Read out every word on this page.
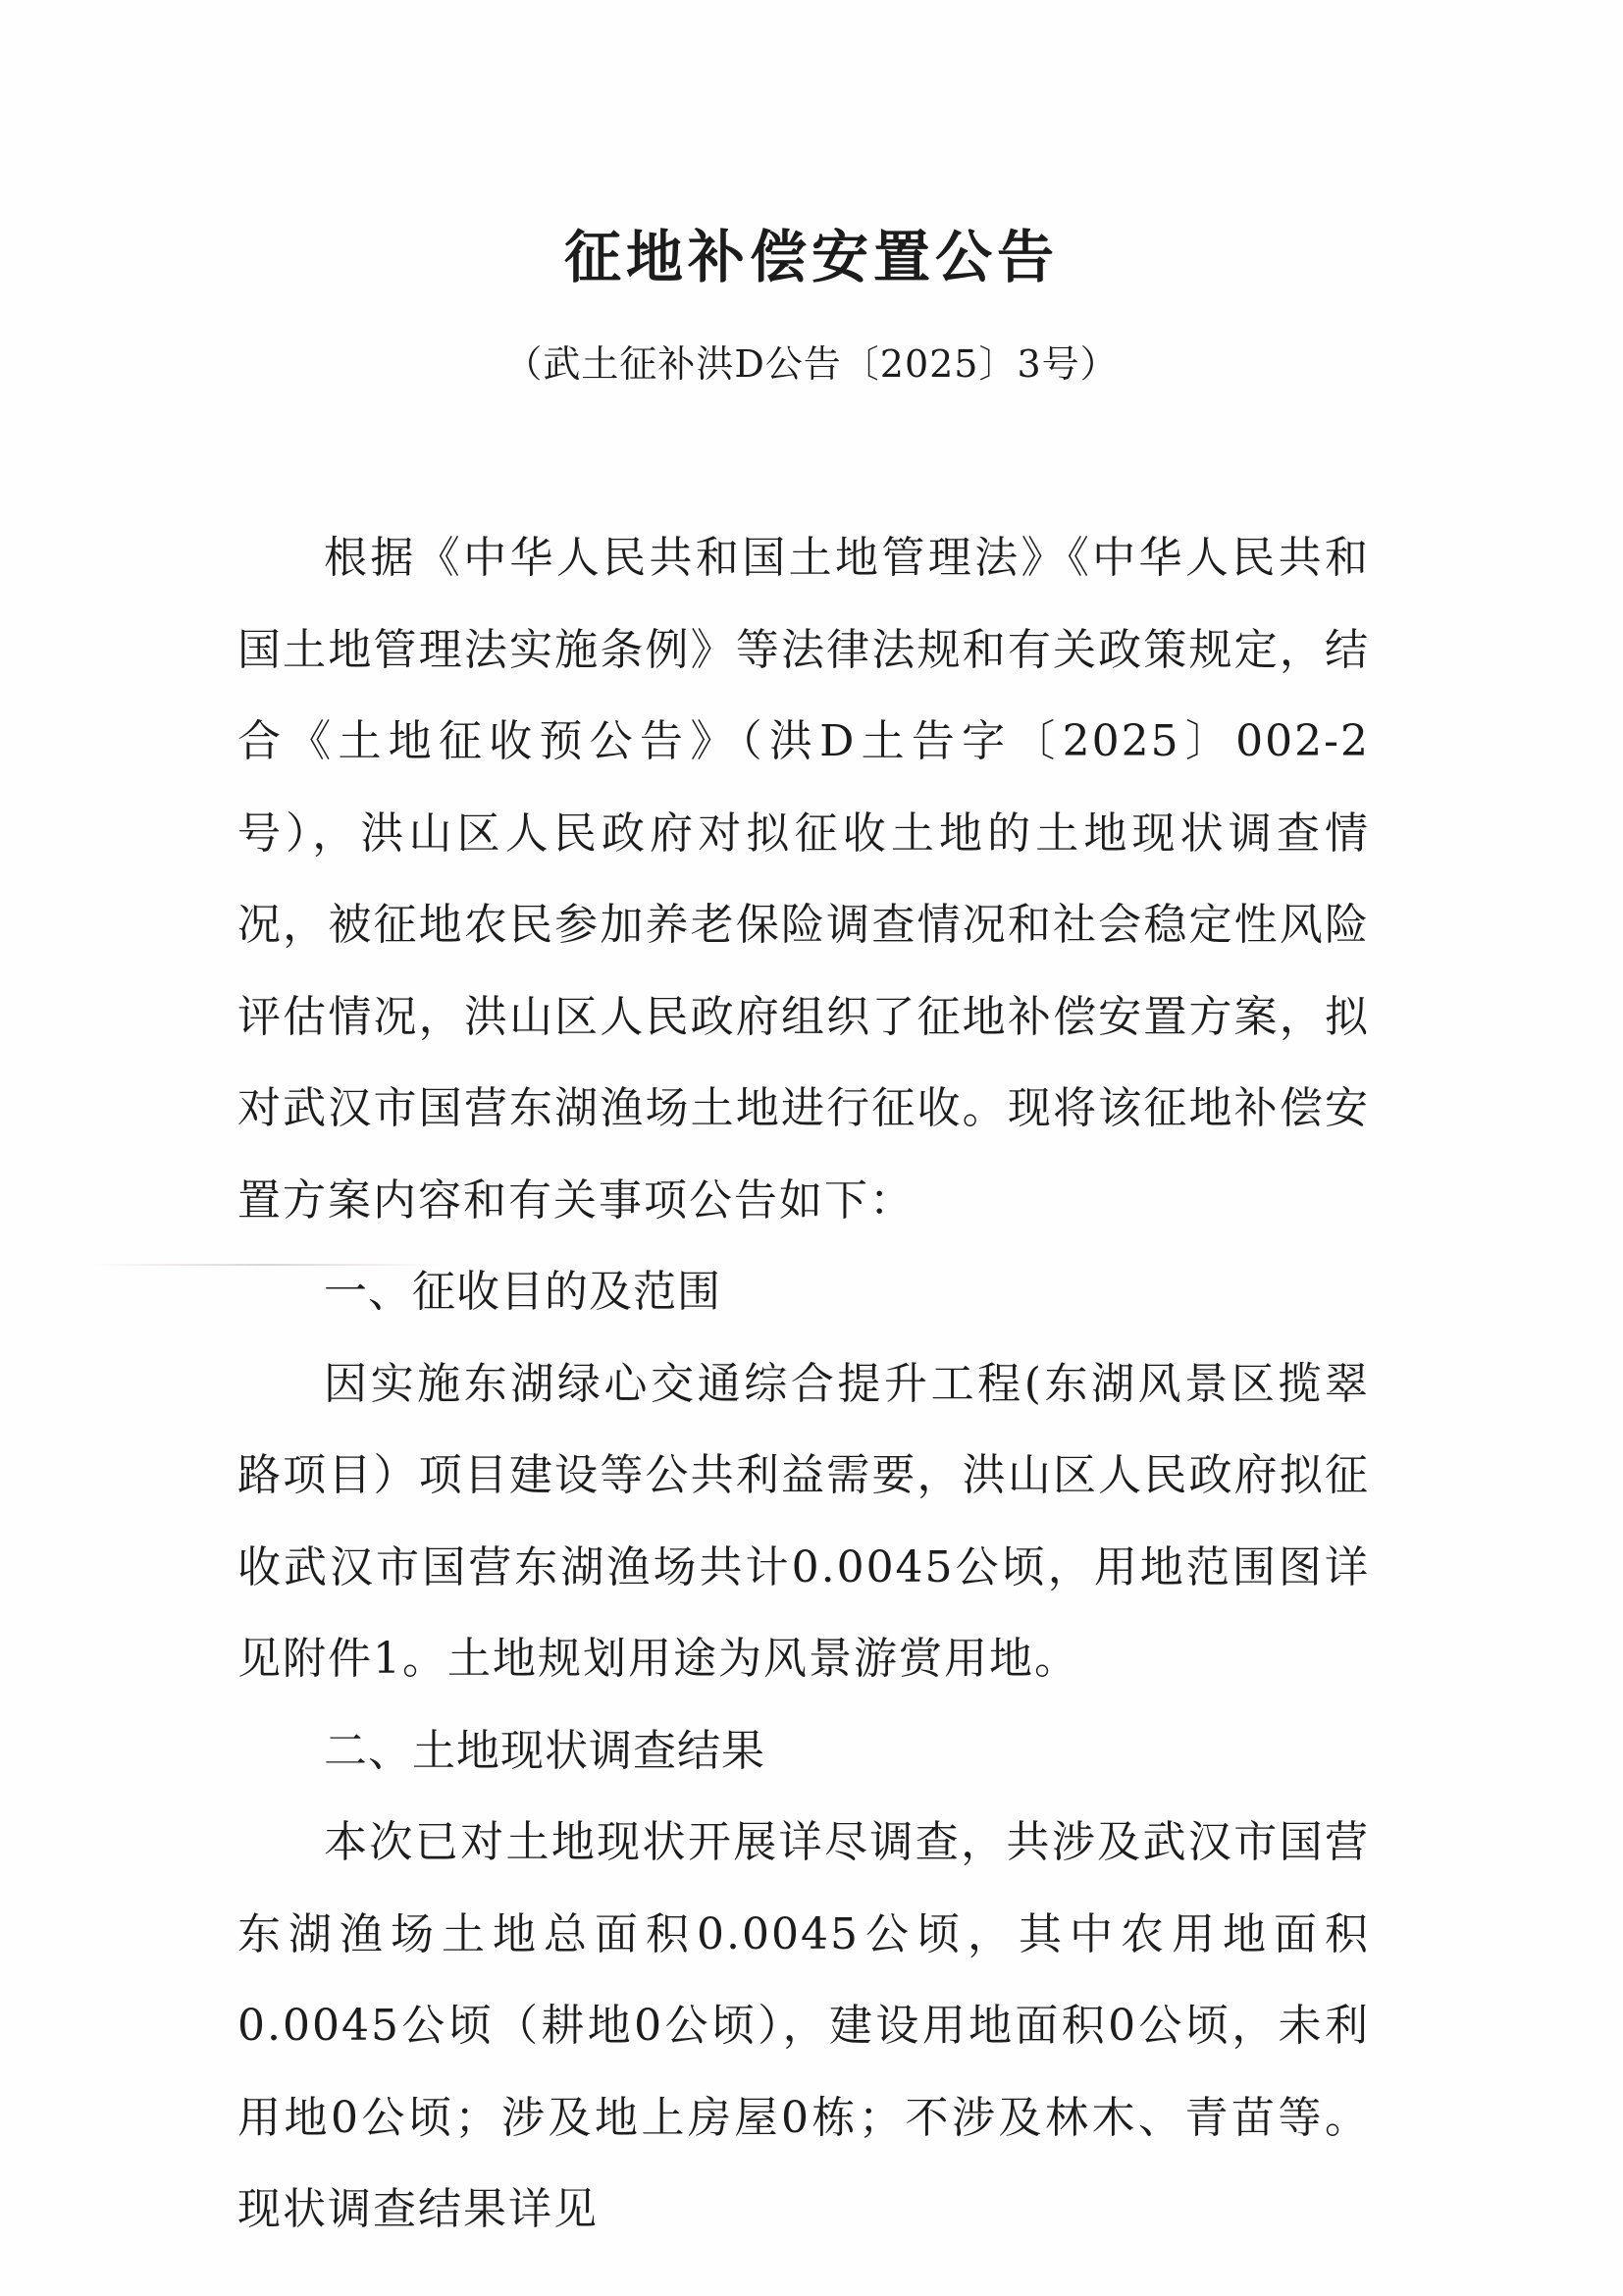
征地补偿安置公告
（武土征补洪D公告〔2025〕3号）

根据《中华人民共和国土地管理法》《中华人民共和国土地管理法实施条例》等法律法规和有关政策规定，结合《土地征收预公告》（洪D土告字〔2025〕002-2号），洪山区人民政府对拟征收土地的土地现状调查情况，被征地农民参加养老保险调查情况和社会稳定性风险评估情况，洪山区人民政府组织了征地补偿安置方案，拟对武汉市国营东湖渔场土地进行征收。现将该征地补偿安置方案内容和有关事项公告如下：

一、征收目的及范围

因实施东湖绿心交通综合提升工程(东湖风景区揽翠路项目）项目建设等公共利益需要，洪山区人民政府拟征收武汉市国营东湖渔场共计0.0045公顷，用地范围图详见附件1。土地规划用途为风景游赏用地。

二、土地现状调查结果

本次已对土地现状开展详尽调查，共涉及武汉市国营东湖渔场土地总面积0.0045公顷，其中农用地面积0.0045公顷（耕地0公顷），建设用地面积0公顷，未利用地0公顷；涉及地上房屋0栋；不涉及林木、青苗等。现状调查结果详见
